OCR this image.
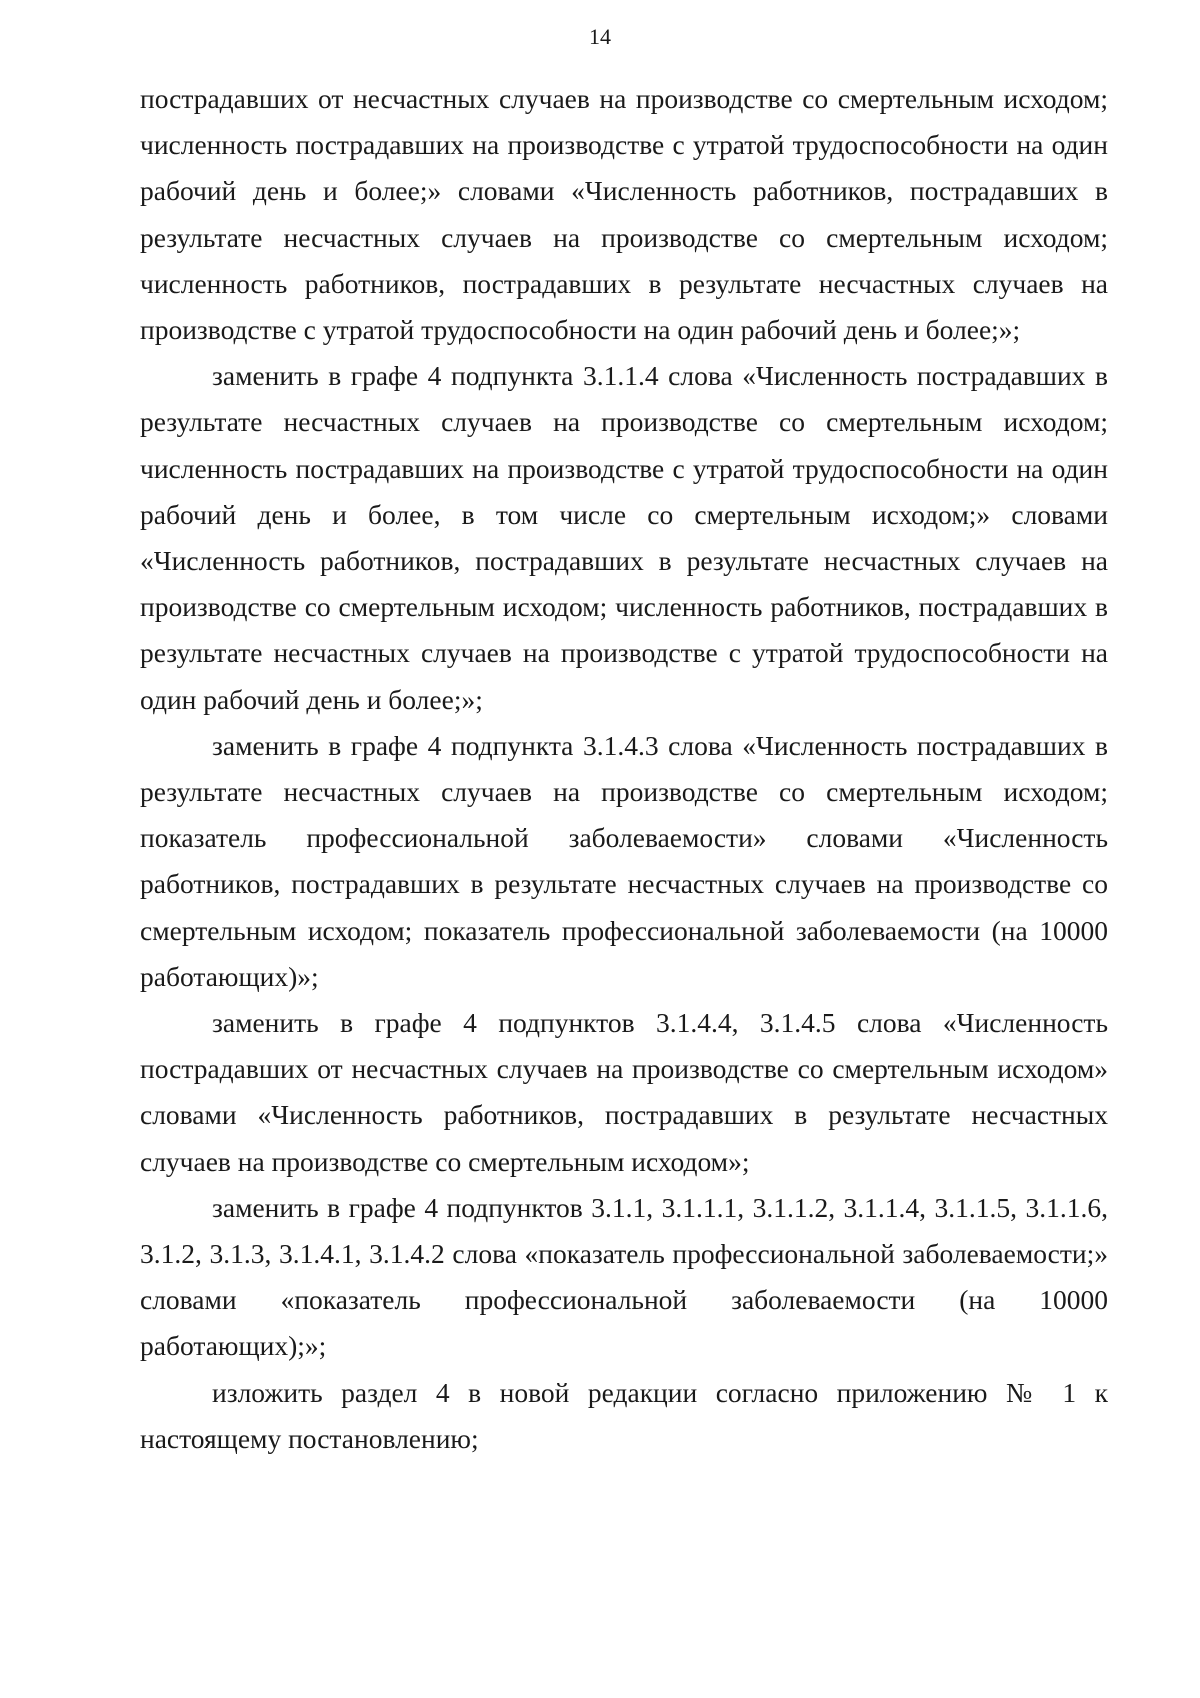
14

пострадавших от несчастных случаев на производстве со смертельным исходом; численность пострадавших на производстве с утратой трудоспособности на один рабочий день и более;» словами «Численность работников, пострадавших в результате несчастных случаев на производстве со смертельным исходом; численность работников, пострадавших в результате несчастных случаев на производстве с утратой трудоспособности на один рабочий день и более;»;

заменить в графе 4 подпункта 3.1.1.4 слова «Численность пострадавших в результате несчастных случаев на производстве со смертельным исходом; численность пострадавших на производстве с утратой трудоспособности на один рабочий день и более, в том числе со смертельным исходом;» словами «Численность работников, пострадавших в результате несчастных случаев на производстве со смертельным исходом; численность работников, пострадавших в результате несчастных случаев на производстве с утратой трудоспособности на один рабочий день и более;»;

заменить в графе 4 подпункта 3.1.4.3 слова «Численность пострадавших в результате несчастных случаев на производстве со смертельным исходом; показатель профессиональной заболеваемости» словами «Численность работников, пострадавших в результате несчастных случаев на производстве со смертельным исходом; показатель профессиональной заболеваемости (на 10000 работающих)»;

заменить в графе 4 подпунктов 3.1.4.4, 3.1.4.5 слова «Численность пострадавших от несчастных случаев на производстве со смертельным исходом» словами «Численность работников, пострадавших в результате несчастных случаев на производстве со смертельным исходом»;

заменить в графе 4 подпунктов 3.1.1, 3.1.1.1, 3.1.1.2, 3.1.1.4, 3.1.1.5, 3.1.1.6, 3.1.2, 3.1.3, 3.1.4.1, 3.1.4.2 слова «показатель профессиональной заболеваемости;» словами «показатель профессиональной заболеваемости (на 10000 работающих);»;

изложить раздел 4 в новой редакции согласно приложению № 1 к настоящему постановлению;
